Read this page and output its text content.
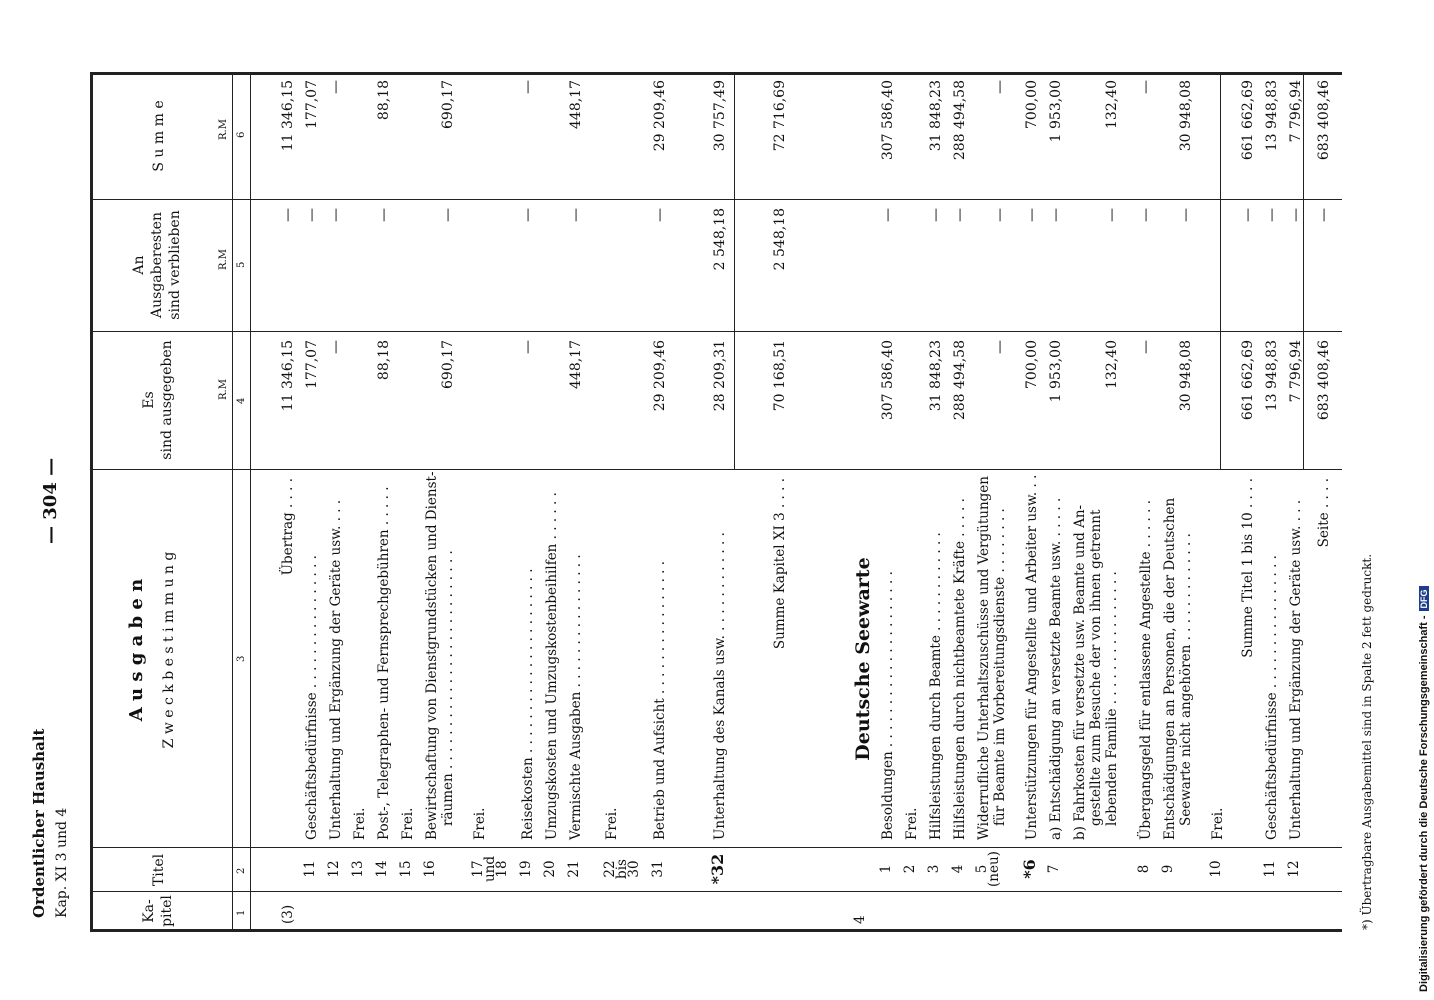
Ordentlicher Haushalt Kap. XI 3 und 4
— 304 —
Ka-
pitel
Titel
A u s g a b e n Z w e c k b e s t i m m u n g
Es
sind ausgegeben
An
Ausgaberesten
sind verblieben
S u m m e
R.M
R.M
R.M
1
2
3
4
5
6
(3)
Übertrag . . . .
11 346,15
—
11 346,15
11
Geschäftsbedürfnisse . . . . . . . . . . . . . . . .
177,07
—
177,07
12
Unterhaltung und Ergänzung der Geräte usw. . . .
—
—
—
13
Frei.
14
Post-, Telegraphen- und Fernsprechgebühren . . . . .
88,18
—
88,18
15
Frei.
16
Bewirtschaftung von Dienstgrundstücken und Dienst- räumen . . . . . . . . . . . . . . . . . . . . . . . . . .
690,17
—
690,17
17 und 18
Frei.
19
Reisekosten . . . . . . . . . . . . . . . . . . . . . .
—
—
—
20
Umzugskosten und Umzugskostenbeihilfen . . . . . .
21
Vermischte Ausgaben . . . . . . . . . . . . . . . .
448,17
—
448,17
22 bis 30
Frei.
31
Betrieb und Aufsicht . . . . . . . . . . . . . . . .
29 209,46
—
29 209,46
*32
Unterhaltung des Kanals usw. . . . . . . . . . . . .
28 209,31
2 548,18
30 757,49
Summe Kapitel XI 3 . . . .
70 168,51
2 548,18
72 716,69
4
Deutsche Seewarte
1
Besoldungen . . . . . . . . . . . . . . . . . . . . .
307 586,40
—
307 586,40
2
Frei.
3
Hilfsleistungen durch Beamte . . . . . . . . . . . .
31 848,23
—
31 848,23
4
Hilfsleistungen durch nichtbeamtete Kräfte . . . . .
288 494,58
—
288 494,58
5 (neu)
Widerrufliche Unterhaltszuschüsse und Vergütungen für Beamte im Vorbereitungsdienste . . . . . . . .
—
—
—
*6
Unterstützungen für Angestellte und Arbeiter usw. . .
700,00
—
700,00
7
a) Entschädigung an versetzte Beamte usw. . . . . .
1 953,00
—
1 953,00
b) Fahrkosten für versetzte usw. Beamte und An- gestellte zum Besuche der von ihnen getrennt lebenden Familie . . . . . . . . . . . . . . . .
132,40
—
132,40
8
Übergangsgeld für entlassene Angestellte . . . . . .
—
—
—
9
Entschädigungen an Personen, die der Deutschen Seewarte nicht angehören . . . . . . . . . . . . .
30 948,08
—
30 948,08
10
Frei.
Summe Titel 1 bis 10 . . . .
661 662,69
—
661 662,69
11
Geschäftsbedürfnisse . . . . . . . . . . . . . . . .
13 948,83
—
13 948,83
12
Unterhaltung und Ergänzung der Geräte usw. . . .
7 796,94
—
7 796,94
Seite . . . .
683 408,46
—
683 408,46
*) Übertragbare Ausgabemittel sind in Spalte 2 fett gedruckt.	Digitalisierung gefördert durch die Deutsche Forschungsgemeinschaft -
DFG
